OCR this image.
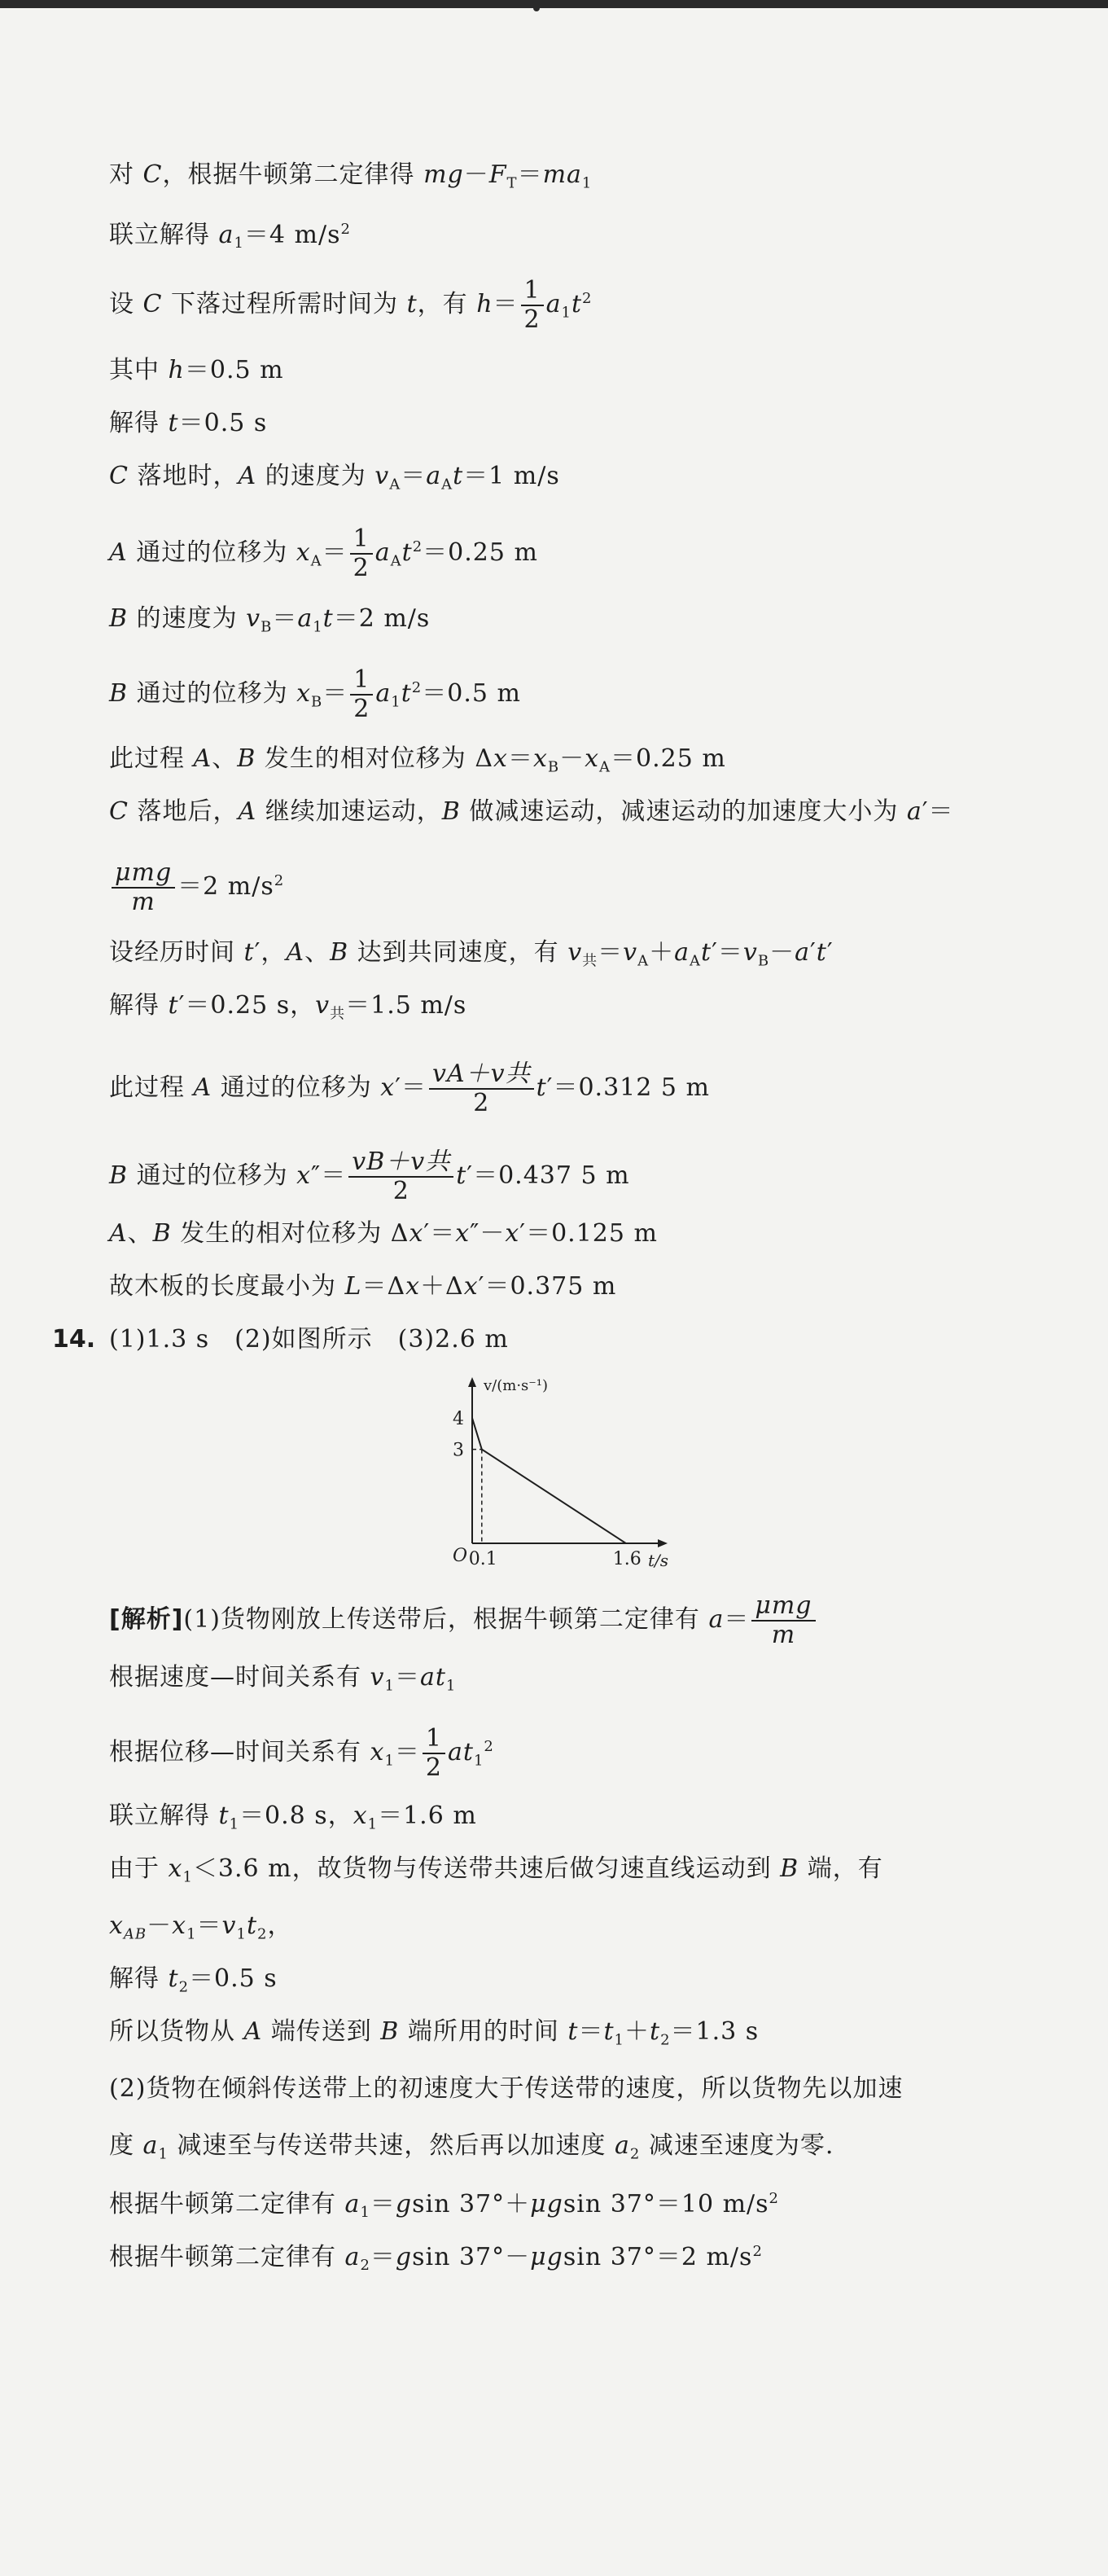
对 C，根据牛顿第二定律得 $mg-F_T=ma_1$
联立解得 $a_1=4$ $m/s^2$
设 C 下落过程所需时间为 t，有 $h= \frac{1}{2} a_1t^2$
其中 h＝0.5 m
解得 t＝0.5 s
C 落地时，A 的速度为 $v_A=a_At=1$ m/s
A 通过的位移为 $x_A= \frac{1}{2} a_At^2=0.25$ m
B 的速度为 $v_B=a_1t=2$ m/s
B 通过的位移为 $x_B= \frac{1}{2} a_1t^2=0.5$ m
此过程 A、B 发生的相对位移为 $\Delta x=x_B-x_A=0.25$ m
C 落地后，A 继续加速运动，B 做减速运动，减速运动的加速度大小为 a′＝
$\frac{\text{μmg}}{m} =2$ $m/s^2$
设经历时间 t′，A、B 达到共同速度，有 $v_共=v_A+a_At'=v_B-a't'$
解得 t′＝0.25 s，$v_共=1.5$ m/s
此过程 A 通过的位移为 $x'= \frac{\text{vA＋v共}}{2} t'=0.312$ 5 m
B 通过的位移为 $x''= \frac{\text{vB＋v共}}{2} t'=0.437$ 5 m
A、B 发生的相对位移为 Δx′＝x″－x′＝0.125 m
故木板的长度最小为 L＝Δx＋Δx′＝0.375 m
14. (1)1.3 s　(2)如图所示　(3)2.6 m
v/(m·s⁻¹)
t/s
O
3
4
0.1	1.6
[解析](1)货物刚放上传送带后，根据牛顿第二定律有 $a= \frac{\text{μmg}}{m}$
根据速度—时间关系有 $v_1=at_1$
根据位移—时间关系有 $x_1= \frac{1}{2} at_1^2$
联立解得 $t_1=0.8$ s，$x_1=1.6$ m
由于 $x_1<3.6$ m，故货物与传送带共速后做匀速直线运动到 B 端，有
$x_{AB}-x_1=v_1t_2$，
解得 $t_2=0.5$ s
所以货物从 A 端传送到 B 端所用的时间 $t=t_1+t_2=1.3$ s
(2)货物在倾斜传送带上的初速度大于传送带的速度，所以货物先以加速
度 $a_1$ 减速至与传送带共速，然后再以加速度 $a_2$ 减速至速度为零.
根据牛顿第二定律有 $a_1=gsin$ 37°＋μgsin 37°＝10 $m/s^2$
根据牛顿第二定律有 $a_2=gsin$ 37°－μgsin 37°＝2 $m/s^2$
